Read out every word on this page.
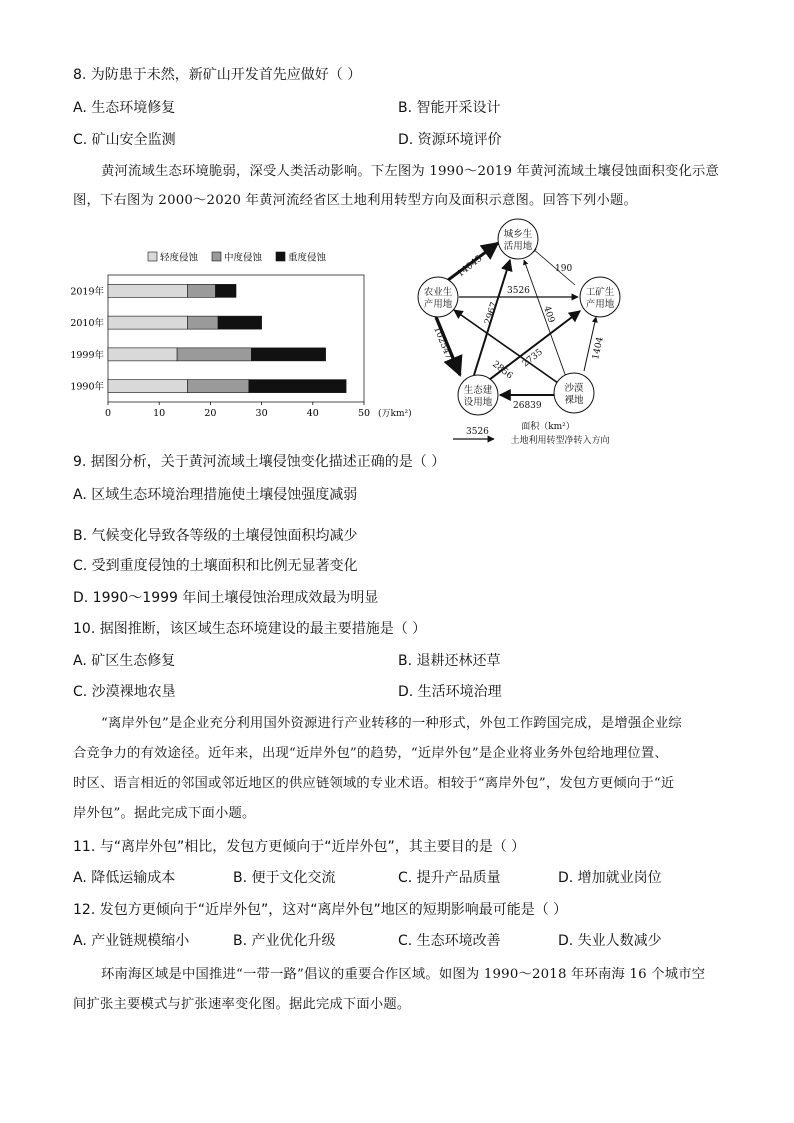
8. 为防患于未然，新矿山开发首先应做好（ ）
A. 生态环境修复	B. 智能开采设计
C. 矿山安全监测	D. 资源环境评价
黄河流域生态环境脆弱，深受人类活动影响。下左图为 1990～2019 年黄河流域土壤侵蚀面积变化示意
图，下右图为 2000～2020 年黄河流经省区土地利用转型方向及面积示意图。回答下列小题。
轻度侵蚀	中度侵蚀	重度侵蚀
2019年
2010年
1999年
1990年
0	10	20	30	40	50 (万km²)
城乡生
活用地
农业生
产用地
工矿生
产用地
生态建
设用地
沙漠
裸地
14045	190
3526
102547
2967
2856
409
2735	1404
26839
3526	面积（km²）
土地利用转型净转入方向
9. 据图分析，关于黄河流域土壤侵蚀变化描述正确的是（ ）
A. 区域生态环境治理措施使土壤侵蚀强度减弱
B. 气候变化导致各等级的土壤侵蚀面积均减少
C. 受到重度侵蚀的土壤面积和比例无显著变化
D. 1990～1999 年间土壤侵蚀治理成效最为明显
10. 据图推断，该区域生态环境建设的最主要措施是（ ）
A. 矿区生态修复	B. 退耕还林还草
C. 沙漠裸地农垦	D. 生活环境治理
“离岸外包”是企业充分利用国外资源进行产业转移的一种形式，外包工作跨国完成，是增强企业综
合竞争力的有效途径。近年来，出现“近岸外包”的趋势，“近岸外包”是企业将业务外包给地理位置、
时区、语言相近的邻国或邻近地区的供应链领域的专业术语。相较于“离岸外包”，发包方更倾向于“近
岸外包”。据此完成下面小题。
11. 与“离岸外包”相比，发包方更倾向于“近岸外包”，其主要目的是（ ）
A. 降低运输成本	B. 便于文化交流	C. 提升产品质量	D. 增加就业岗位
12. 发包方更倾向于“近岸外包”，这对“离岸外包”地区的短期影响最可能是（ ）
A. 产业链规模缩小	B. 产业优化升级	C. 生态环境改善	D. 失业人数减少
环南海区域是中国推进“一带一路”倡议的重要合作区域。如图为 1990～2018 年环南海 16 个城市空
间扩张主要模式与扩张速率变化图。据此完成下面小题。
